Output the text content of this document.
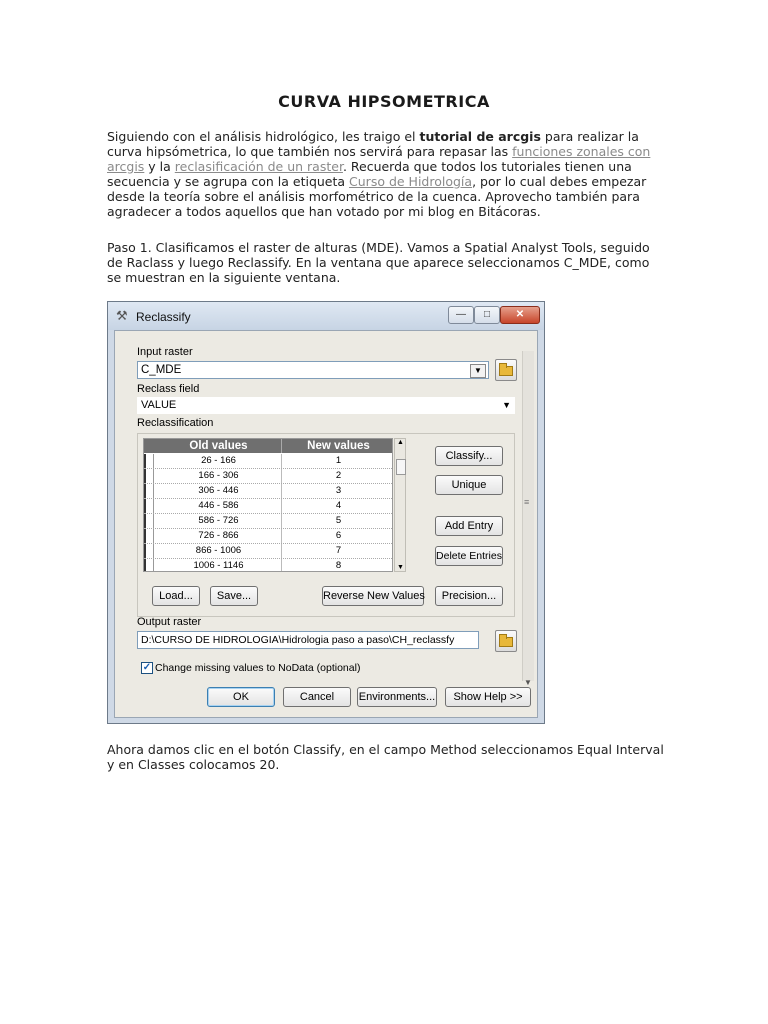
CURVA HIPSOMETRICA
Siguiendo con el análisis hidrológico, les traigo el tutorial de arcgis para realizar la curva hipsómetrica, lo que también nos servirá para repasar las funciones zonales con arcgis y la reclasificación de un raster. Recuerda que todos los tutoriales tienen una secuencia y se agrupa con la etiqueta Curso de Hidrología, por lo cual debes empezar desde la teoría sobre el análisis morfométrico de la cuenca. Aprovecho también para agradecer a todos aquellos que han votado por mi blog en Bitácoras.
Paso 1. Clasificamos el raster de alturas (MDE). Vamos a Spatial Analyst Tools, seguido de Raclass y luego Reclassify. En la ventana que aparece seleccionamos C_MDE, como se muestran en la siguiente ventana.
⚒ Reclassify	—	□	✕
≡
▼
Input raster
C_MDE	▼
Reclass field
VALUE	▼
Reclassification
Old values	New values
26 - 166	1
166 - 306	2
306 - 446	3
446 - 586	4
586 - 726	5
726 - 866	6
866 - 1006	7
1006 - 1146	8
▲
▼
Classify...
Unique
Add Entry
Delete Entries
Load...	Save...	Reverse New Values	Precision...
Output raster
D:\CURSO DE HIDROLOGIA\Hidrologia paso a paso\CH_reclassfy
✓ Change missing values to NoData (optional)
OK	Cancel	Environments...	Show Help >>
Ahora damos clic en el botón Classify, en el campo Method seleccionamos Equal Interval y en Classes colocamos 20.
